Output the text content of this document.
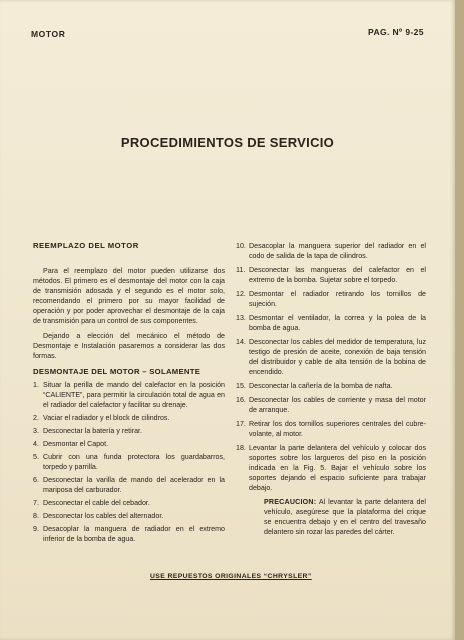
MOTOR	PAG. Nº 9-25
PROCEDIMIENTOS DE SERVICIO
REEMPLAZO DEL MOTOR

Para el reemplazo del motor pueden utilizarse dos métodos. El primero es el desmontaje del motor con la caja de transmisión adosada y el segundo es el motor solo, recomendando el primero por su mayor facilidad de operación y por poder aprovechar el desmontaje de la caja de transmisión para un control de sus componentes.

Dejando a elección del mecánico el método de Desmontaje e Instalación pasaremos a considerar las dos formas.

DESMONTAJE DEL MOTOR – SOLAMENTE
1. Situar la perilla de mando del calefactor en la posición “CALIENTE”, para permitir la circulación total de agua en el radiador del calefactor y facilitar su drenaje.
2. Vaciar el radiador y el block de cilindros.
3. Desconectar la batería y retirar.
4. Desmontar el Capot.
5. Cubrir con una funda protectora los guardabarros, torpedo y parrilla.
6. Desconectar la varilla de mando del acelerador en la mariposa del carburador.
7. Desconectar el cable del cebador.
8. Desconectar los cables del alternador.
9. Desacoplar la manguera de radiador en el extremo inferior de la bomba de agua.
10. Desacoplar la manguera superior del radiador en el codo de salida de la tapa de cilindros.
11. Desconectar las mangueras del calefactor en el extremo de la bomba. Sujetar sobre el torpedo.
12. Desmontar el radiador retirando los tornillos de sujeción.
13. Desmontar el ventilador, la correa y la polea de la bomba de agua.
14. Desconectar los cables del medidor de temperatura, luz testigo de presión de aceite, conexión de baja tensión del distribuidor y cable de alta tensión de la bobina de encendido.
15. Desconectar la cañería de la bomba de nafta.
16. Desconectar los cables de corriente y masa del motor de arranque.
17. Retirar los dos tornillos superiores centrales del cubre-volante, al motor.
18. Levantar la parte delantera del vehículo y colocar dos soportes sobre los largueros del piso en la posición indicada en la Fig. 5. Bajar el vehículo sobre los soportes dejando el espacio suficiente para trabajar debajo.
PRECAUCION: Al levantar la parte delantera del vehículo, asegúrese que la plataforma del crique se encuentra debajo y en el centro del travesaño delantero sin rozar las paredes del cárter.
USE REPUESTOS ORIGINALES “CHRYSLER”
